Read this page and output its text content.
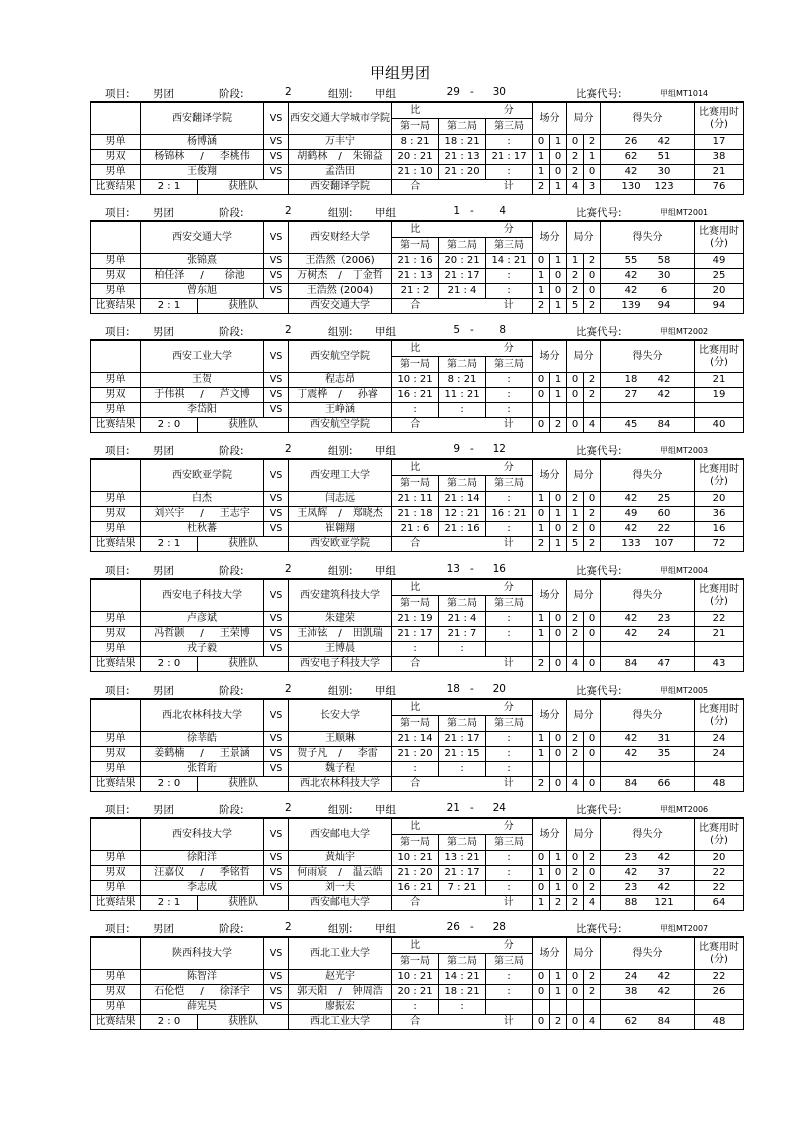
甲组男团
项目: 男团	阶段:	2	组别: 甲组	29 -	30	比赛代号:	甲组MT1014
	西安翻译学院			VS	西安交通大学城市学院			比		分	场分		局分		得失分				比赛用时
(分)

								第一局	第二局	第三局									
男单	杨博涵			VS	万丰宁			8 : 21	18 : 21	:	0	1	0	2		26	42		17
男双	杨锦林	/	李桃伟	VS	胡鹤林	/	朱锦益	20 : 21	21 : 13	21 : 17	1	0	2	1		62	51		38
男单	王俊翔			VS	孟浩田			21 : 10	21 : 20	:	1	0	2	0		42	30		21
比赛结果	2 : 1	获胜队			西安翻译学院			合		计	2	1	4	3		130	123		76
项目: 男团	阶段:	2	组别: 甲组	1 -	4	比赛代号:	甲组MT2001
	西安交通大学			VS	西安财经大学			比		分	场分		局分		得失分				比赛用时
(分)

								第一局	第二局	第三局									
男单	张锦熹			VS	王浩然（2006)			21 : 16	20 : 21	14 : 21	0	1	1	2		55	58		49
男双	柏任泽	/	徐池	VS	万树杰	/	丁金哲	21 : 13	21 : 17	:	1	0	2	0		42	30		25
男单	曾东旭			VS	王浩然 (2004)			21 : 2	21 : 4	:	1	0	2	0		42	6		20
比赛结果	2 : 1	获胜队			西安交通大学			合		计	2	1	5	2		139	94		94
项目: 男团	阶段:	2	组别: 甲组	5 -	8	比赛代号:	甲组MT2002
	西安工业大学			VS	西安航空学院			比		分	场分		局分		得失分				比赛用时
(分)

								第一局	第二局	第三局									
男单	王贺			VS	程志昂			10 : 21	8 : 21	:	0	1	0	2		18	42		21
男双	于伟祺	/	芦文博	VS	丁震桦	/	孙睿	16 : 21	11 : 21	:	0	1	0	2		27	42		19
男单	李岱阳			VS	王峥涵			:	:	:									
比赛结果	2 : 0	获胜队			西安航空学院			合		计	0	2	0	4		45	84		40
项目: 男团	阶段:	2	组别: 甲组	9 -	12	比赛代号:	甲组MT2003
	西安欧亚学院			VS	西安理工大学			比		分	场分		局分		得失分				比赛用时
(分)

								第一局	第二局	第三局									
男单	白杰			VS	闫志远			21 : 11	21 : 14	:	1	0	2	0		42	25		20
男双	刘兴宇	/	王志宇	VS	王凤辉	/	郑晓杰	21 : 18	12 : 21	16 : 21	0	1	1	2		49	60		36
男单	杜秋蕃			VS	崔翱翔			21 : 6	21 : 16	:	1	0	2	0		42	22		16
比赛结果	2 : 1	获胜队			西安欧亚学院			合		计	2	1	5	2		133	107		72
项目: 男团	阶段:	2	组别: 甲组	13 -	16	比赛代号:	甲组MT2004
	西安电子科技大学			VS	西安建筑科技大学			比		分	场分		局分		得失分				比赛用时
(分)

								第一局	第二局	第三局									
男单	卢彦斌			VS	朱建荣			21 : 19	21 : 4	:	1	0	2	0		42	23		22
男双	冯哲颢	/	王荣博	VS	王沛铉	/	田凯瑞	21 : 17	21 : 7	:	1	0	2	0		42	24		21
男单	戎子毅			VS	王博晨			:	:										
比赛结果	2 : 0	获胜队			西安电子科技大学			合		计	2	0	4	0		84	47		43
项目: 男团	阶段:	2	组别: 甲组	18 -	20	比赛代号:	甲组MT2005
	西北农林科技大学			VS	长安大学			比		分	场分		局分		得失分				比赛用时
(分)

								第一局	第二局	第三局									
男单	徐莘皓			VS	王顺琳			21 : 14	21 : 17	:	1	0	2	0		42	31		24
男双	姜鹤楠	/	王景涵	VS	贺子凡	/	李雷	21 : 20	21 : 15	:	1	0	2	0		42	35		24
男单	张哲珩			VS	魏子程			:	:	:									
比赛结果	2 : 0	获胜队			西北农林科技大学			合		计	2	0	4	0		84	66		48
项目: 男团	阶段:	2	组别: 甲组	21 -	24	比赛代号:	甲组MT2006
	西安科技大学			VS	西安邮电大学			比		分	场分		局分		得失分				比赛用时
(分)

								第一局	第二局	第三局									
男单	徐阳洋			VS	黄灿宇			10 : 21	13 : 21	:	0	1	0	2		23	42		20
男双	汪嘉仪	/	季铭哲	VS	何雨宸	/	温云皓	21 : 20	21 : 17	:	1	0	2	0		42	37		22
男单	李志成			VS	刘一夫			16 : 21	7 : 21	:	0	1	0	2		23	42		22
比赛结果	2 : 1	获胜队			西安邮电大学			合		计	1	2	2	4		88	121		64
项目: 男团	阶段:	2	组别: 甲组	26 -	28	比赛代号:	甲组MT2007
	陕西科技大学			VS	西北工业大学			比		分	场分		局分		得失分				比赛用时
(分)

								第一局	第二局	第三局									
男单	陈智洋			VS	赵光宇			10 : 21	14 : 21	:	0	1	0	2		24	42		22
男双	石伦恺	/	徐泽宇	VS	郭天阳	/	钟周浩	20 : 21	18 : 21	:	0	1	0	2		38	42		26
男单	薛宪昊			VS	廖振宏			:	:										
比赛结果	2 : 0	获胜队			西北工业大学			合		计	0	2	0	4		62	84		48
